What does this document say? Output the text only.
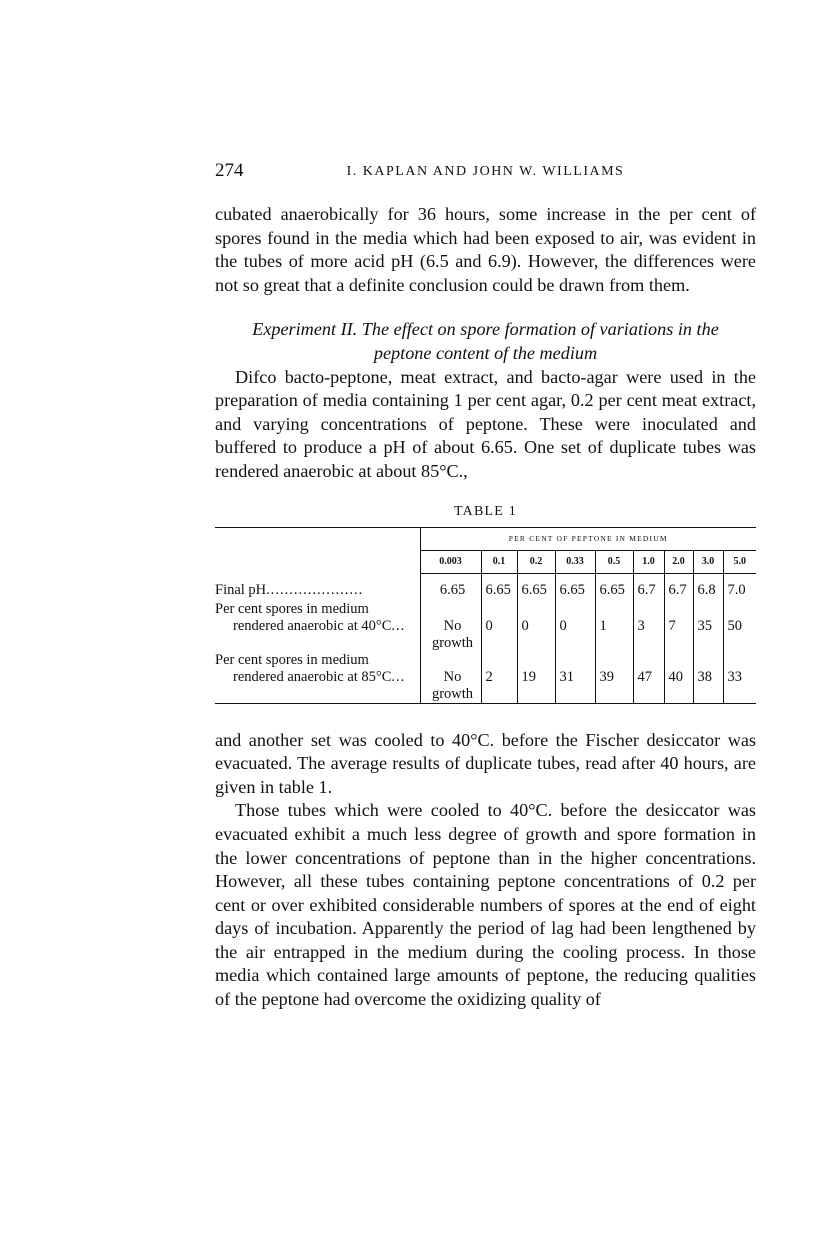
274	I. KAPLAN AND JOHN W. WILLIAMS

cubated anaerobically for 36 hours, some increase in the per cent of spores found in the media which had been exposed to air, was evident in the tubes of more acid pH (6.5 and 6.9). However, the differences were not so great that a definite conclusion could be drawn from them.

Experiment II. The effect on spore formation of variations in the
peptone content of the medium

Difco bacto-peptone, meat extract, and bacto-agar were used in the preparation of media containing 1 per cent agar, 0.2 per cent meat extract, and varying concentrations of peptone. These were inoculated and buffered to produce a pH of about 6.65. One set of duplicate tubes was rendered anaerobic at about 85°C.,

TABLE 1
	PER CENT OF PEPTONE IN MEDIUM								
	0.003	0.1	0.2	0.33	0.5	1.0	2.0	3.0	5.0

Final pH.....................	6.65	6.65	6.65	6.65	6.65	6.7	6.7	6.8	7.0

Per cent spores in medium
rendered anaerobic at 40°C...	No growth	0	0	0	1	3	7	35	50

Per cent spores in medium
rendered anaerobic at 85°C...	No growth	2	19	31	39	47	40	38	33

and another set was cooled to 40°C. before the Fischer desiccator was evacuated. The average results of duplicate tubes, read after 40 hours, are given in table 1.

Those tubes which were cooled to 40°C. before the desiccator was evacuated exhibit a much less degree of growth and spore formation in the lower concentrations of peptone than in the higher concentrations. However, all these tubes containing peptone concentrations of 0.2 per cent or over exhibited considerable numbers of spores at the end of eight days of incubation. Apparently the period of lag had been lengthened by the air entrapped in the medium during the cooling process. In those media which contained large amounts of peptone, the reducing qualities of the peptone had overcome the oxidizing quality of
